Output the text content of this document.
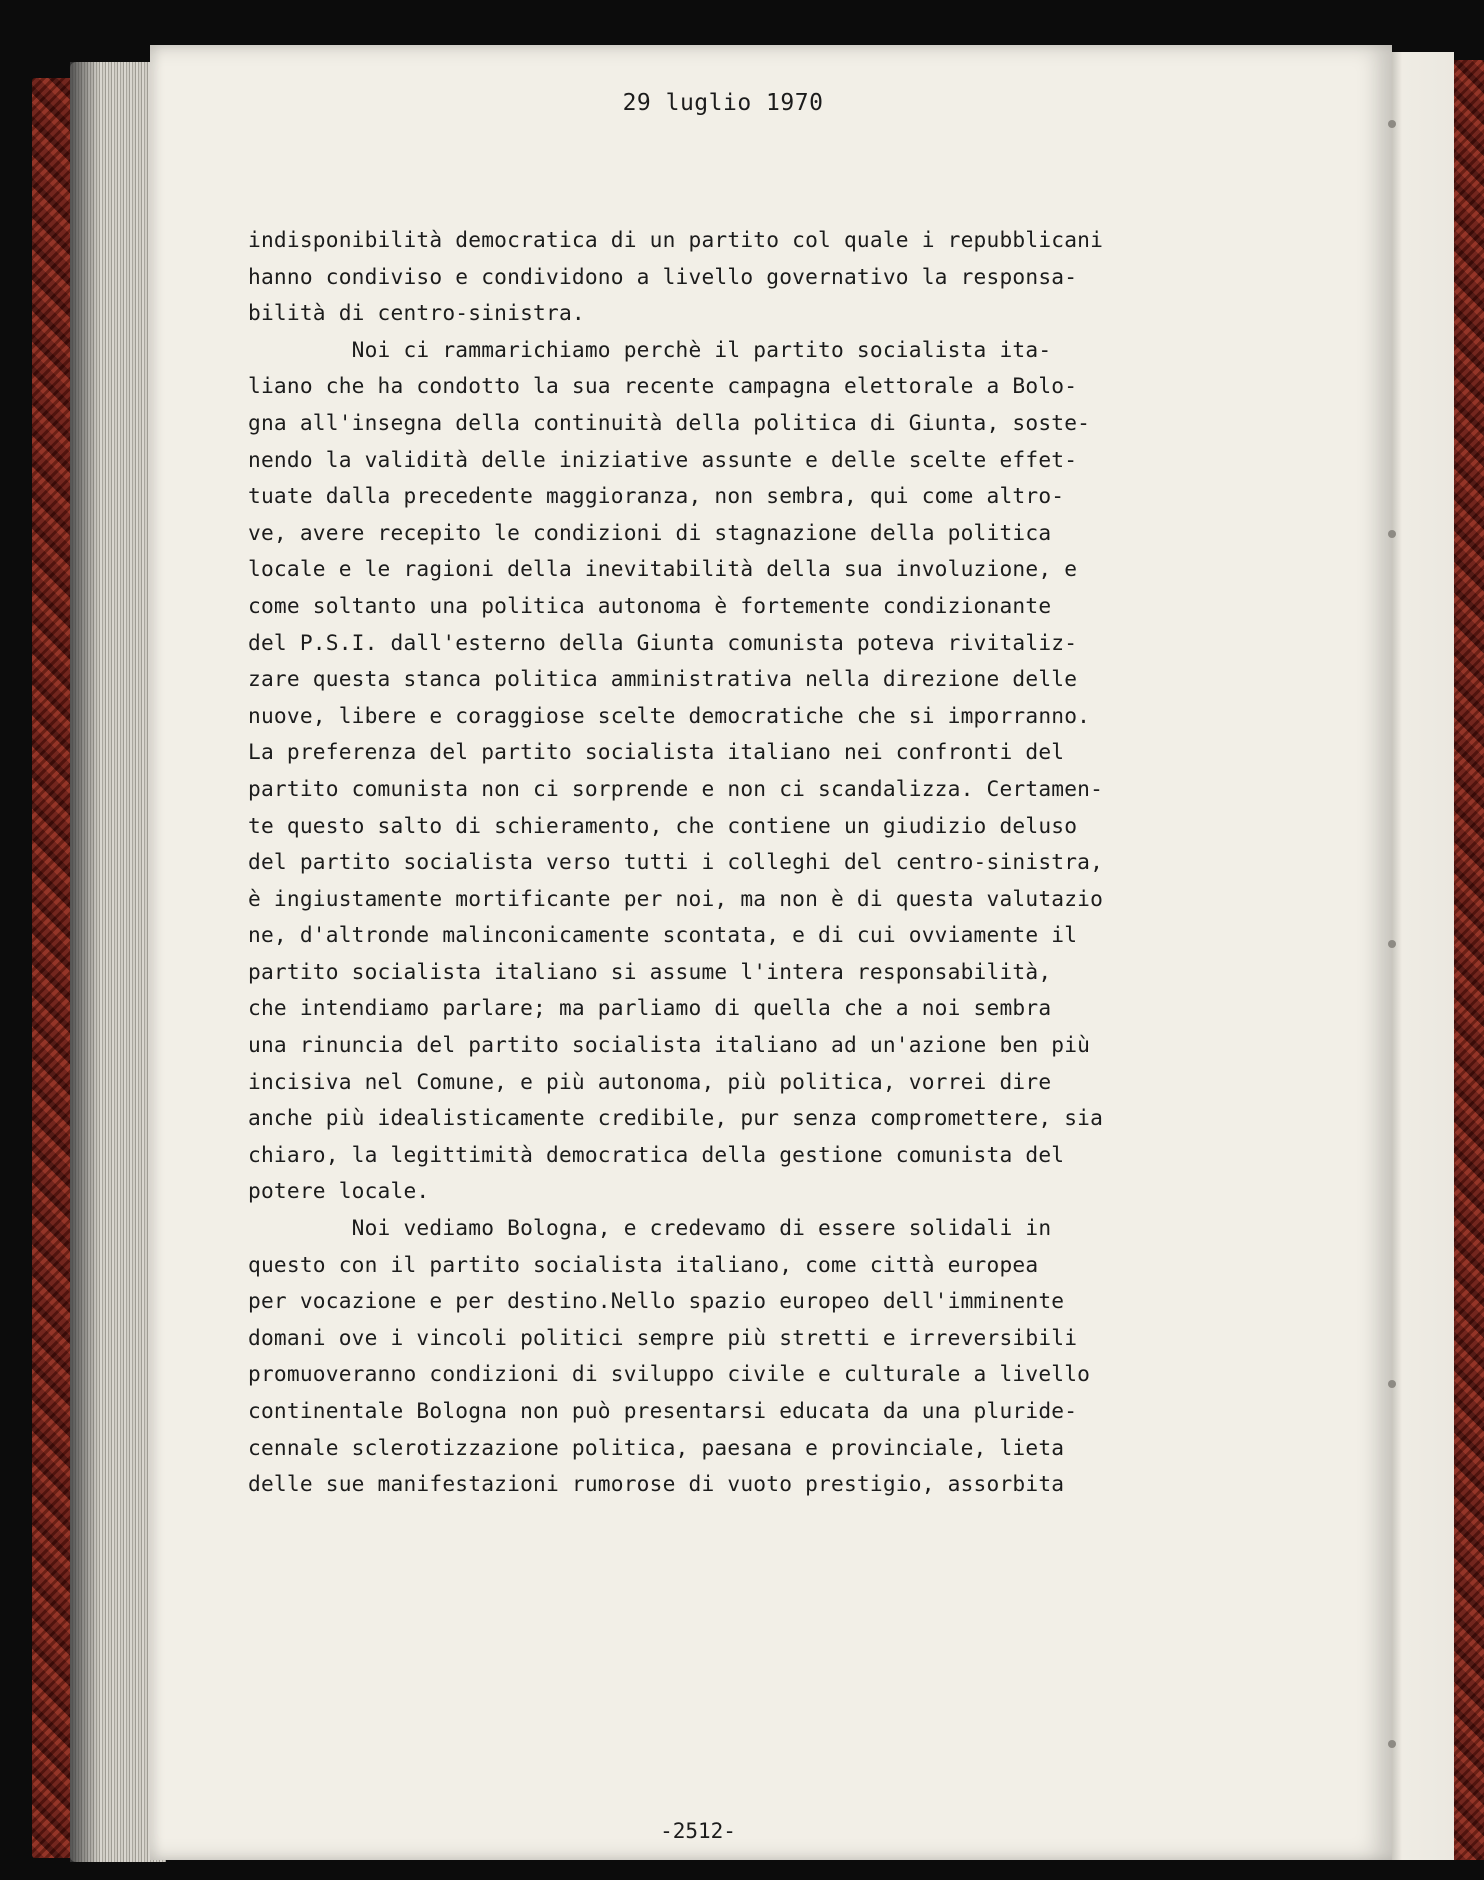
29 luglio 1970
indisponibilità democratica di un partito col quale i repubblicani
hanno condiviso e condividono a livello governativo la responsa-
bilità di centro-sinistra.
Noi ci rammarichiamo perchè il partito socialista ita-
liano che ha condotto la sua recente campagna elettorale a Bolo-
gna all'insegna della continuità della politica di Giunta, soste-
nendo la validità delle iniziative assunte e delle scelte effet-
tuate dalla precedente maggioranza, non sembra, qui come altro-
ve, avere recepito le condizioni di stagnazione della politica
locale e le ragioni della inevitabilità della sua involuzione, e
come soltanto una politica autonoma è fortemente condizionante
del P.S.I. dall'esterno della Giunta comunista poteva rivitaliz-
zare questa stanca politica amministrativa nella direzione delle
nuove, libere e coraggiose scelte democratiche che si imporranno.
La preferenza del partito socialista italiano nei confronti del
partito comunista non ci sorprende e non ci scandalizza. Certamen-
te questo salto di schieramento, che contiene un giudizio deluso
del partito socialista verso tutti i colleghi del centro-sinistra,
è ingiustamente mortificante per noi, ma non è di questa valutazio
ne, d'altronde malinconicamente scontata, e di cui ovviamente il
partito socialista italiano si assume l'intera responsabilità,
che intendiamo parlare; ma parliamo di quella che a noi sembra
una rinuncia del partito socialista italiano ad un'azione ben più
incisiva nel Comune, e più autonoma, più politica, vorrei dire
anche più idealisticamente credibile, pur senza compromettere, sia
chiaro, la legittimità democratica della gestione comunista del
potere locale.
Noi vediamo Bologna, e credevamo di essere solidali in
questo con il partito socialista italiano, come città europea
per vocazione e per destino.Nello spazio europeo dell'imminente
domani ove i vincoli politici sempre più stretti e irreversibili
promuoveranno condizioni di sviluppo civile e culturale a livello
continentale Bologna non può presentarsi educata da una pluride-
cennale sclerotizzazione politica, paesana e provinciale, lieta
delle sue manifestazioni rumorose di vuoto prestigio, assorbita
-2512-
